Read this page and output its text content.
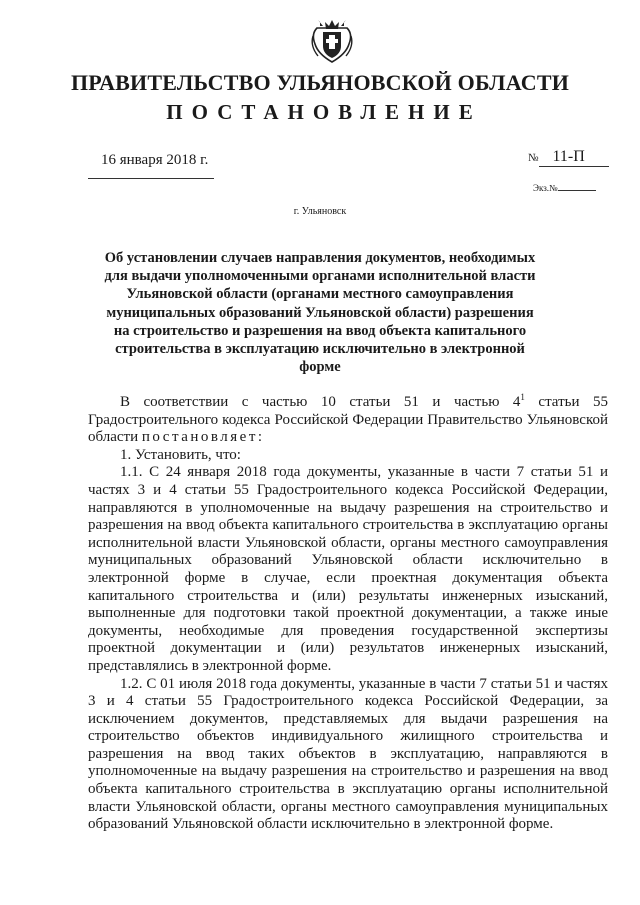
ПРАВИТЕЛЬСТВО УЛЬЯНОВСКОЙ ОБЛАСТИ
ПОСТАНОВЛЕНИЕ
16 января 2018 г.	№ 11-П
Экз.№
г. Ульяновск
Об установлении случаев направления документов, необходимых для выдачи уполномоченными органами исполнительной власти Ульяновской области (органами местного самоуправления муниципальных образований Ульяновской области) разрешения на строительство и разрешения на ввод объекта капитального строительства в эксплуатацию исключительно в электронной форме

В соответствии с частью 10 статьи 51 и частью $4^1$ статьи 55 Градостроительного кодекса Российской Федерации Правительство Ульяновской области постановляет:

1. Установить, что:

1.1. С 24 января 2018 года документы, указанные в части 7 статьи 51 и частях 3 и 4 статьи 55 Градостроительного кодекса Российской Федерации, направляются в уполномоченные на выдачу разрешения на строительство и разрешения на ввод объекта капитального строительства в эксплуатацию органы исполнительной власти Ульяновской области, органы местного самоуправления муниципальных образований Ульяновской области исключительно в электронной форме в случае, если проектная документация объекта капитального строительства и (или) результаты инженерных изысканий, выполненные для подготовки такой проектной документации, а также иные документы, необходимые для проведения государственной экспертизы проектной документации и (или) результатов инженерных изысканий, представлялись в электронной форме.

1.2. С 01 июля 2018 года документы, указанные в части 7 статьи 51 и частях 3 и 4 статьи 55 Градостроительного кодекса Российской Федерации, за исключением документов, представляемых для выдачи разрешения на строительство объектов индивидуального жилищного строительства и разрешения на ввод таких объектов в эксплуатацию, направляются в уполномоченные на выдачу разрешения на строительство и разрешения на ввод объекта капитального строительства в эксплуатацию органы исполнительной власти Ульяновской области, органы местного самоуправления муниципальных образований Ульяновской области исключительно в электронной форме.
